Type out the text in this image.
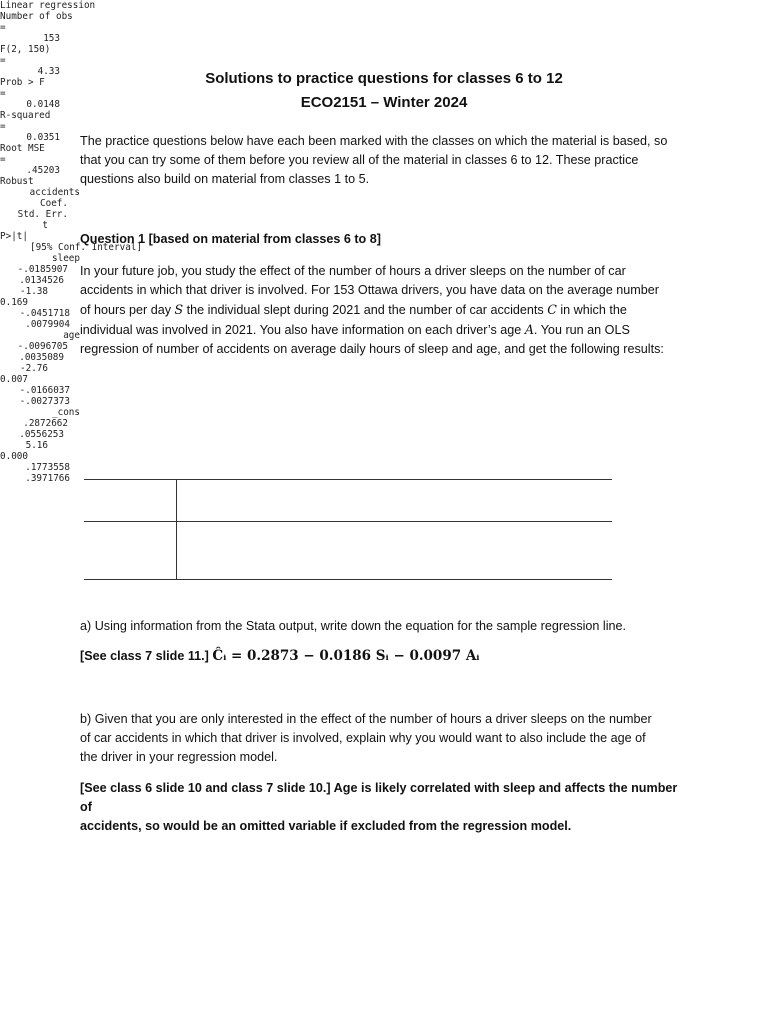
Solutions to practice questions for classes 6 to 12
ECO2151 – Winter 2024
The practice questions below have each been marked with the classes on which the material is based, so
that you can try some of them before you review all of the material in classes 6 to 12. These practice
questions also build on material from classes 1 to 5.
Question 1 [based on material from classes 6 to 8]
In your future job, you study the effect of the number of hours a driver sleeps on the number of car
accidents in which that driver is involved. For 153 Ottawa drivers, you have data on the average number
of hours per day S the individual slept during 2021 and the number of car accidents C in which the
individual was involved in 2021. You also have information on each driver’s age A. You run an OLS
regression of number of accidents on average daily hours of sleep and age, and get the following results:
Linear regression
Number of obs
=
153
F(2, 150)
=
4.33
Prob > F
=
0.0148
R-squared
=
0.0351
Root MSE
=
.45203
Robust
accidents
Coef.
Std. Err.
t
P>|t|
[95% Conf. Interval]
sleep
-.0185907
.0134526
-1.38
0.169
-.0451718
.0079904
age
-.0096705
.0035089
-2.76
0.007
-.0166037
-.0027373
_cons
.2872662
.0556253
5.16
0.000
.1773558
.3971766
a) Using information from the Stata output, write down the equation for the sample regression line.
[See class 7 slide 11.] Ĉᵢ = 0.2873 − 0.0186 Sᵢ − 0.0097 Aᵢ
b) Given that you are only interested in the effect of the number of hours a driver sleeps on the number
of car accidents in which that driver is involved, explain why you would want to also include the age of
the driver in your regression model.
[See class 6 slide 10 and class 7 slide 10.] Age is likely correlated with sleep and affects the number of
accidents, so would be an omitted variable if excluded from the regression model.
